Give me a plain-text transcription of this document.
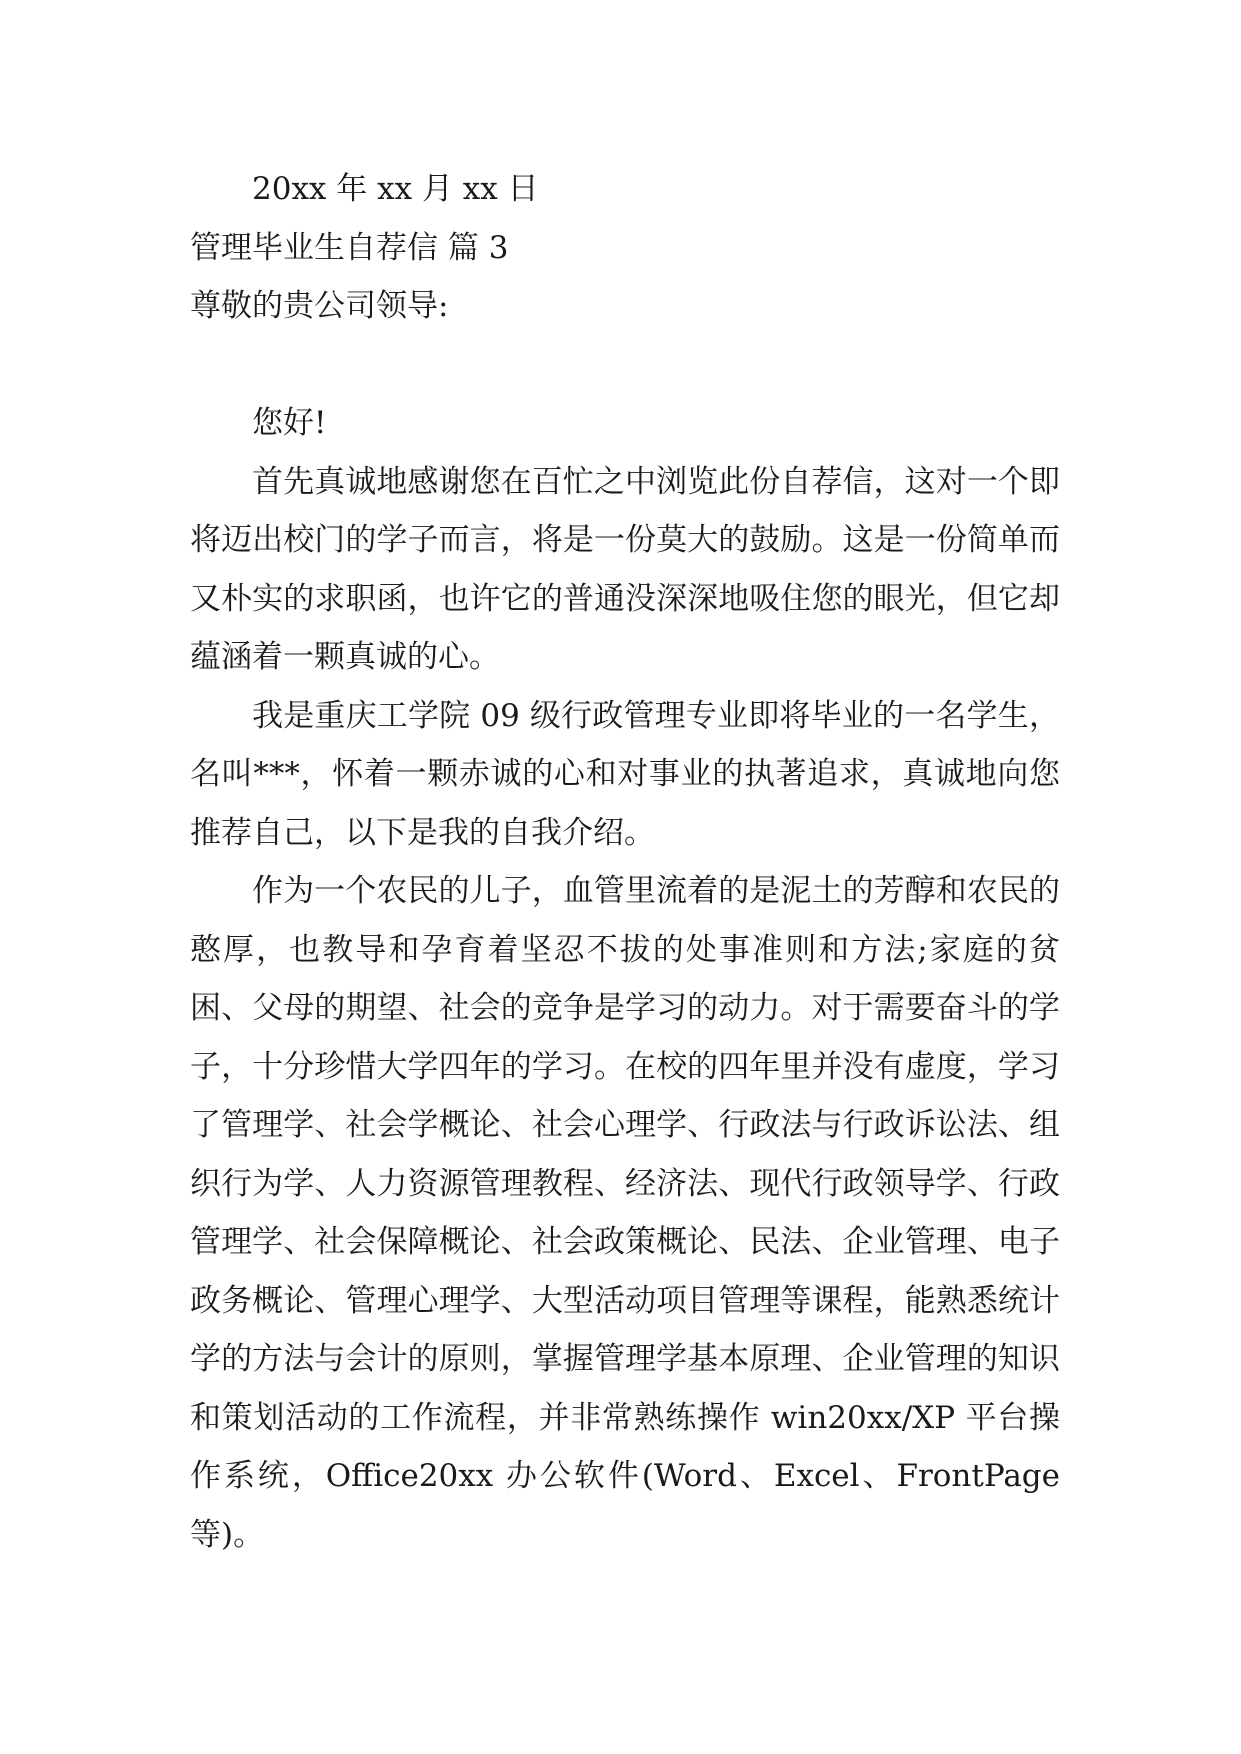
20xx 年 xx 月 xx 日

管理毕业生自荐信 篇 3

尊敬的贵公司领导:

您好!

首先真诚地感谢您在百忙之中浏览此份自荐信，这对一个即将迈出校门的学子而言，将是一份莫大的鼓励。这是一份简单而又朴实的求职函，也许它的普通没深深地吸住您的眼光，但它却蕴涵着一颗真诚的心。

我是重庆工学院 09 级行政管理专业即将毕业的一名学生，名叫***，怀着一颗赤诚的心和对事业的执著追求，真诚地向您推荐自己，以下是我的自我介绍。

作为一个农民的儿子，血管里流着的是泥土的芳醇和农民的憨厚，也教导和孕育着坚忍不拔的处事准则和方法;家庭的贫困、父母的期望、社会的竞争是学习的动力。对于需要奋斗的学子，十分珍惜大学四年的学习。在校的四年里并没有虚度，学习了管理学、社会学概论、社会心理学、行政法与行政诉讼法、组织行为学、人力资源管理教程、经济法、现代行政领导学、行政管理学、社会保障概论、社会政策概论、民法、企业管理、电子政务概论、管理心理学、大型活动项目管理等课程，能熟悉统计学的方法与会计的原则，掌握管理学基本原理、企业管理的知识和策划活动的工作流程，并非常熟练操作 win20xx/XP 平台操作系统，Office20xx 办公软件(Word、Excel、FrontPage 等)。
